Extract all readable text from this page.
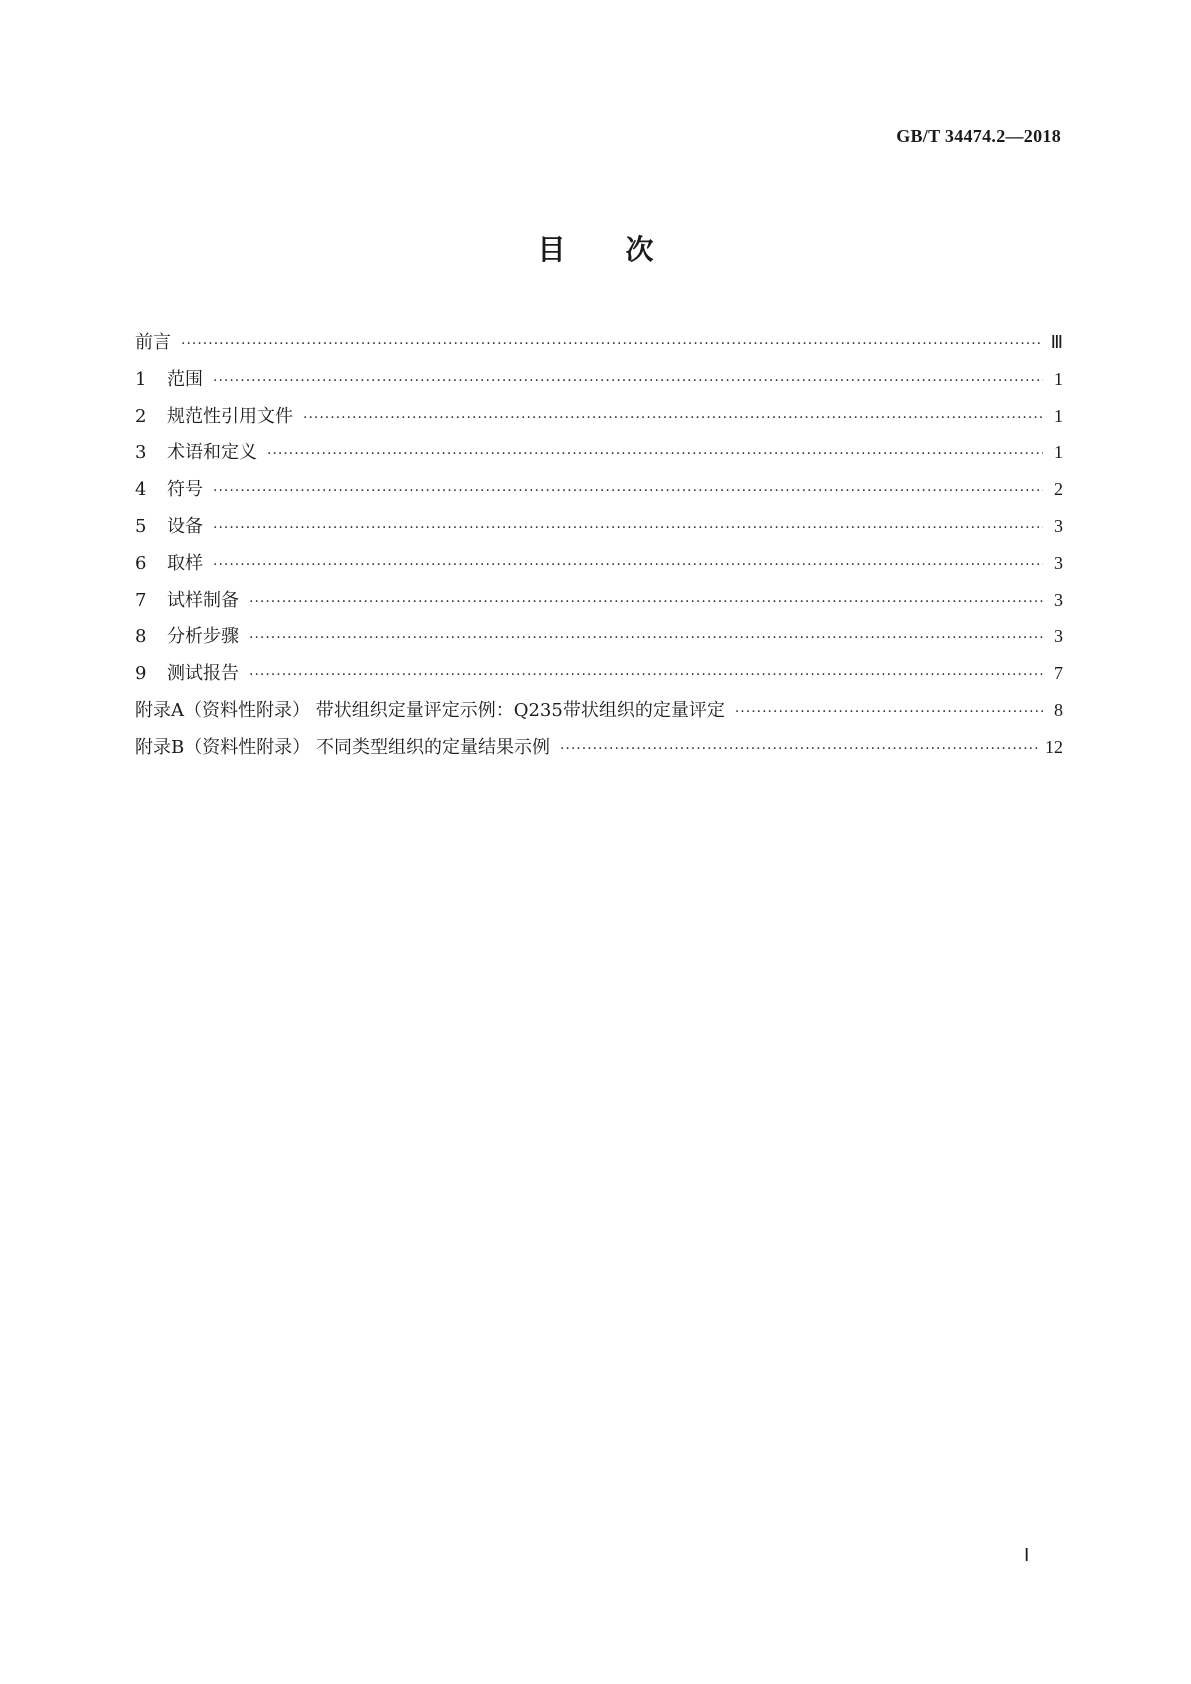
GB/T 34474.2—2018
目次
前言 ·····	Ⅲ
1	范围 ·····	1
2	规范性引用文件 ·····	1
3	术语和定义 ·····	1
4	符号 ·····	2
5	设备 ·····	3
6	取样 ·····	3
7	试样制备 ·····	3
8	分析步骤 ·····	3
9	测试报告 ·····	7
附录A（资料性附录） 带状组织定量评定示例：Q235带状组织的定量评定 ·····	8
附录B（资料性附录） 不同类型组织的定量结果示例 ·····	12
Ⅰ
